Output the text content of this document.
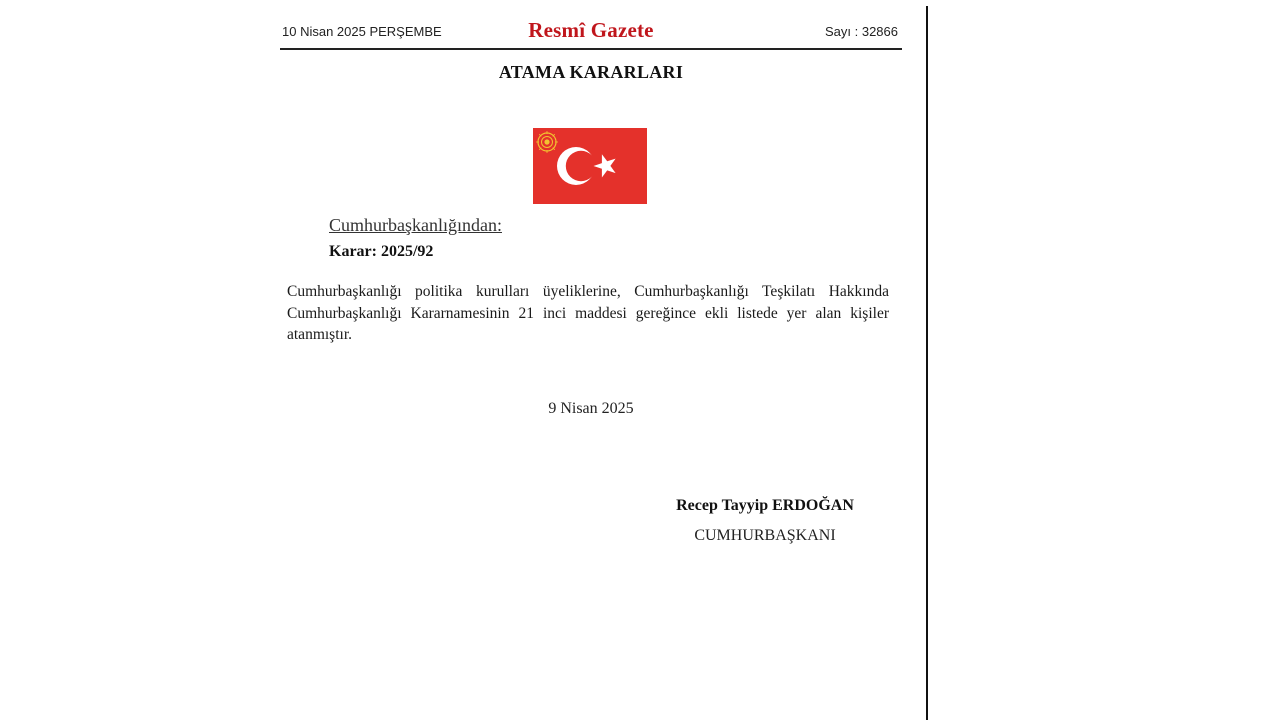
10 Nisan 2025 PERŞEMBE	Resmî Gazete	Sayı : 32866
ATAMA KARARLARI
Cumhurbaşkanlığından:
Karar: 2025/92

Cumhurbaşkanlığı politika kurulları üyeliklerine, Cumhurbaşkanlığı Teşkilatı Hakkında Cumhurbaşkanlığı Kararnamesinin 21 inci maddesi gereğince ekli listede yer alan kişiler atanmıştır.

9 Nisan 2025
Recep Tayyip ERDOĞAN
CUMHURBAŞKANI
